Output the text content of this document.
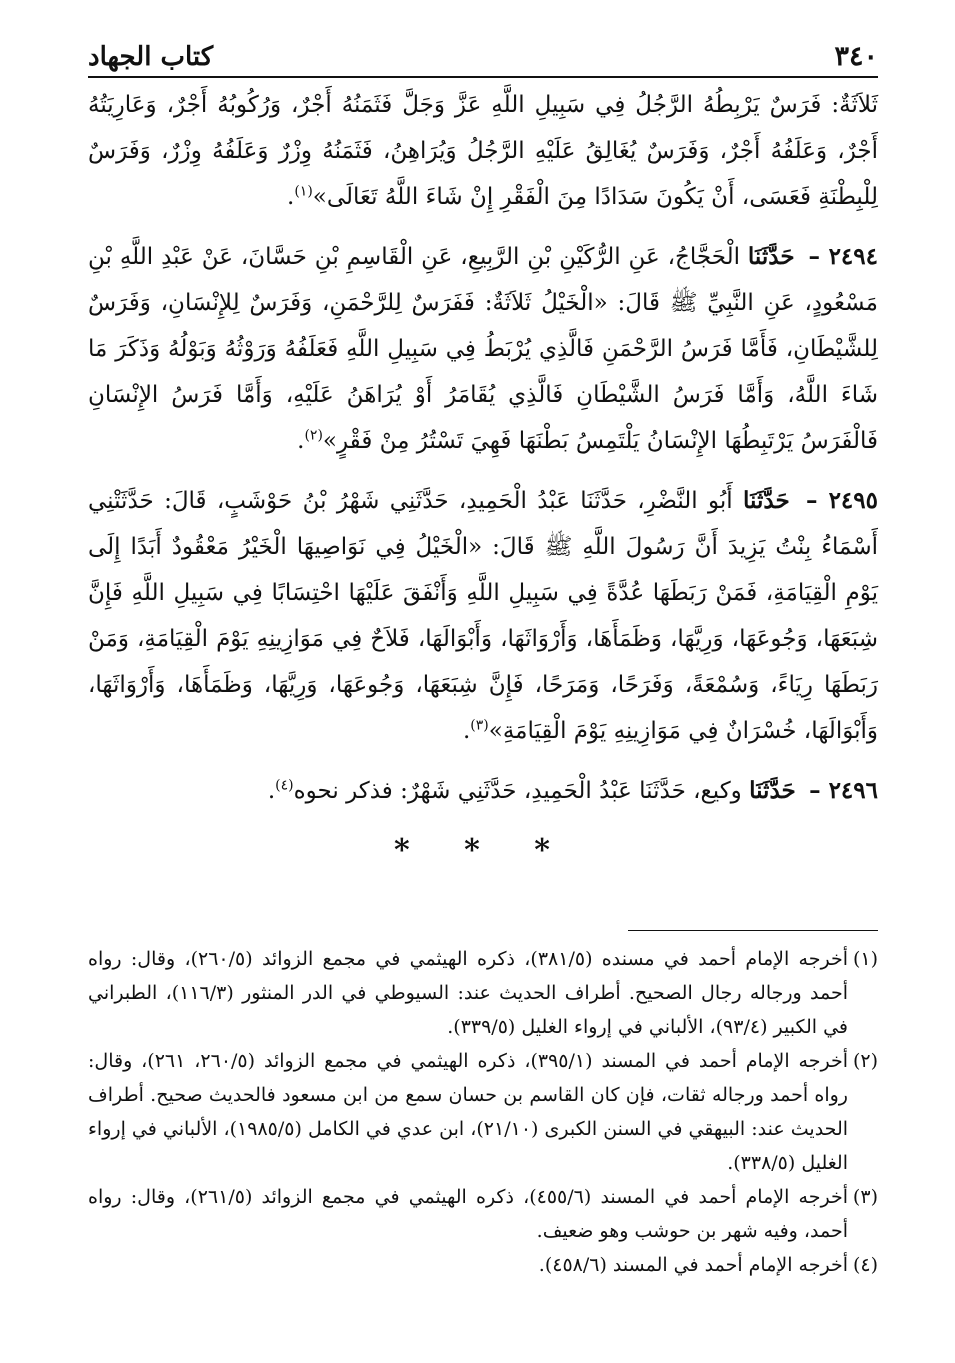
٣٤٠
كتاب الجهاد

ثَلاَثَةٌ: فَرَسٌ يَرْبِطُهُ الرَّجُلُ فِي سَبِيلِ اللَّهِ عَزَّ وَجَلَّ فَثَمَنُهُ أَجْرٌ، وَرُكُوبُهُ أَجْرٌ، وَعَارِيَتُهُ أَجْرٌ، وَعَلَفُهُ أَجْرٌ، وَفَرَسٌ يُغَالِقُ عَلَيْهِ الرَّجُلُ وَيُرَاهِنُ، فَثَمَنُهُ وِزْرٌ وَعَلَفُهُ وِزْرٌ، وَفَرَسٌ لِلْبِطْنَةِ فَعَسَى، أَنْ يَكُونَ سَدَادًا مِنَ الْفَقْرِ إِنْ شَاءَ اللَّهُ تَعَالَى»$^{(١)}$.

٢٤٩٤ – حَدَّثَنَا الْحَجَّاجُ، عَنِ الرُّكَيْنِ بْنِ الرَّبِيعِ، عَنِ الْقَاسِمِ بْنِ حَسَّانَ، عَنْ عَبْدِ اللَّهِ بْنِ مَسْعُودٍ، عَنِ النَّبِيِّ ﷺ قَالَ: «الْخَيْلُ ثَلاَثَةٌ: فَفَرَسٌ لِلرَّحْمَنِ، وَفَرَسٌ لِلإِنْسَانِ، وَفَرَسٌ لِلشَّيْطَانِ، فَأَمَّا فَرَسُ الرَّحْمَنِ فَالَّذِي يُرْبَطُ فِي سَبِيلِ اللَّهِ فَعَلَفُهُ وَرَوْثُهُ وَبَوْلُهُ وَذَكَرَ مَا شَاءَ اللَّهُ، وَأَمَّا فَرَسُ الشَّيْطَانِ فَالَّذِي يُقَامَرُ أَوْ يُرَاهَنُ عَلَيْهِ، وَأَمَّا فَرَسُ الإِنْسَانِ فَالْفَرَسُ يَرْتَبِطُهَا الإِنْسَانُ يَلْتَمِسُ بَطْنَهَا فَهِيَ تَسْتُرُ مِنْ فَقْرٍ»$^{(٢)}$.

٢٤٩٥ – حَدَّثَنَا أَبُو النَّضْرِ، حَدَّثَنَا عَبْدُ الْحَمِيدِ، حَدَّثَنِي شَهْرُ بْنُ حَوْشَبٍ، قَالَ: حَدَّثَتْنِي أَسْمَاءُ بِنْتُ يَزِيدَ أَنَّ رَسُولَ اللَّهِ ﷺ قَالَ: «الْخَيْلُ فِي نَوَاصِيهَا الْخَيْرُ مَعْقُودٌ أَبَدًا إِلَى يَوْمِ الْقِيَامَةِ، فَمَنْ رَبَطَهَا عُدَّةً فِي سَبِيلِ اللَّهِ وَأَنْفَقَ عَلَيْهَا احْتِسَابًا فِي سَبِيلِ اللَّهِ فَإِنَّ شِبَعَهَا، وَجُوعَهَا، وَرِيَّهَا، وَظَمَأَهَا، وَأَرْوَاثَهَا، وَأَبْوَالَهَا، فَلاَحٌ فِي مَوَازِينِهِ يَوْمَ الْقِيَامَةِ، وَمَنْ رَبَطَهَا رِيَاءً، وَسُمْعَةً، وَفَرَحًا، وَمَرَحًا، فَإِنَّ شِبَعَهَا، وَجُوعَهَا، وَرِيَّهَا، وَظَمَأَهَا، وَأَرْوَاثَهَا، وَأَبْوَالَهَا، خُسْرَانٌ فِي مَوَازِينِهِ يَوْمَ الْقِيَامَةِ»$^{(٣)}$.

٢٤٩٦ – حَدَّثَنَا وكيع، حَدَّثَنَا عَبْدُ الْحَمِيدِ، حَدَّثَنِي شَهْرٌ: فذكر نحوه$^{(٤)}$.

* * *

(١)أخرجه الإمام أحمد في مسنده (٣٨١/٥)، ذكره الهيثمي في مجمع الزوائد (٢٦٠/٥)، وقال: رواه أحمد ورجاله رجال الصحيح. أطراف الحديث عند: السيوطي في الدر المنثور (١١٦/٣)، الطبراني في الكبير (٩٣/٤)، الألباني في إرواء الغليل (٣٣٩/٥).

(٢)أخرجه الإمام أحمد في المسند (٣٩٥/١)، ذكره الهيثمي في مجمع الزوائد (٢٦٠/٥، ٢٦١)، وقال: رواه أحمد ورجاله ثقات، فإن كان القاسم بن حسان سمع من ابن مسعود فالحديث صحيح. أطراف الحديث عند: البيهقي في السنن الكبرى (٢١/١٠)، ابن عدي في الكامل (١٩٨٥/٥)، الألباني في إرواء الغليل (٣٣٨/٥).

(٣)أخرجه الإمام أحمد في المسند (٤٥٥/٦)، ذكره الهيثمي في مجمع الزوائد (٢٦١/٥)، وقال: رواه أحمد، وفيه شهر بن حوشب وهو ضعيف.

(٤)أخرجه الإمام أحمد في المسند (٤٥٨/٦).
